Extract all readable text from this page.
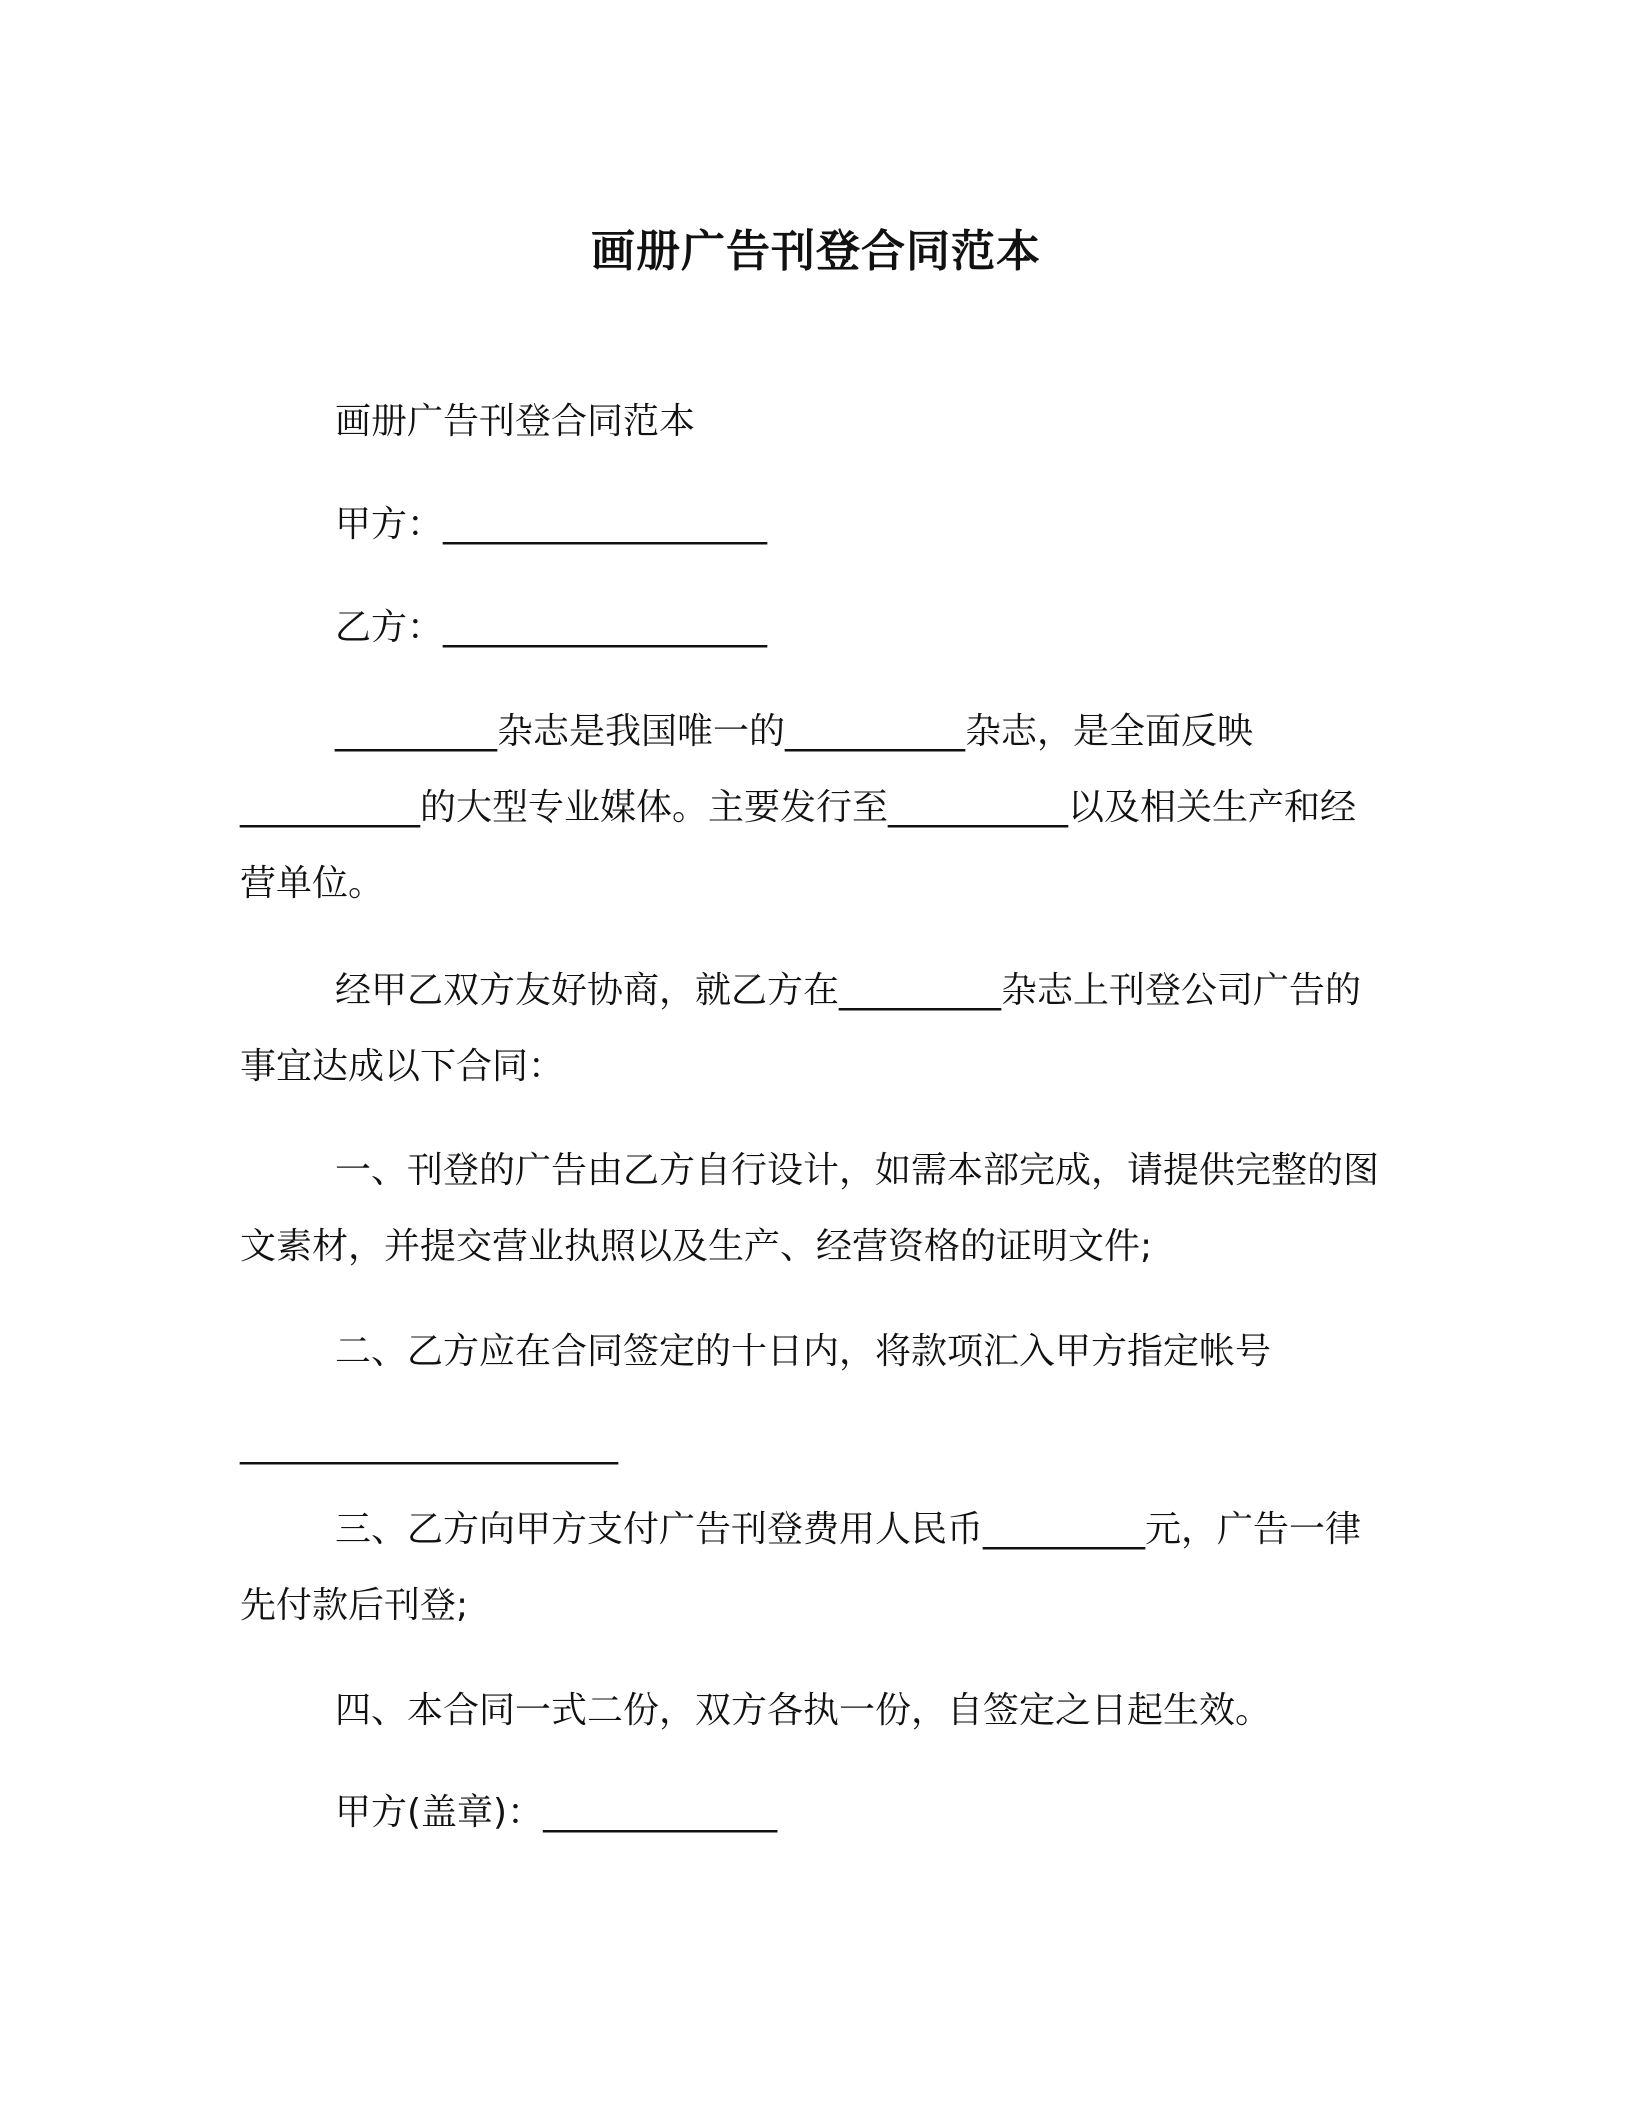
画册广告刊登合同范本

画册广告刊登合同范本

甲方：__________________

乙方：__________________

_________杂志是我国唯一的__________杂志，是全面反映__________的大型专业媒体。主要发行至__________以及相关生产和经营单位。

经甲乙双方友好协商，就乙方在_________杂志上刊登公司广告的事宜达成以下合同：

一、刊登的广告由乙方自行设计，如需本部完成，请提供完整的图文素材，并提交营业执照以及生产、经营资格的证明文件;

二、乙方应在合同签定的十日内，将款项汇入甲方指定帐号

_____________________

三、乙方向甲方支付广告刊登费用人民币_________元，广告一律先付款后刊登;

四、本合同一式二份，双方各执一份，自签定之日起生效。

甲方(盖章)：_____________
